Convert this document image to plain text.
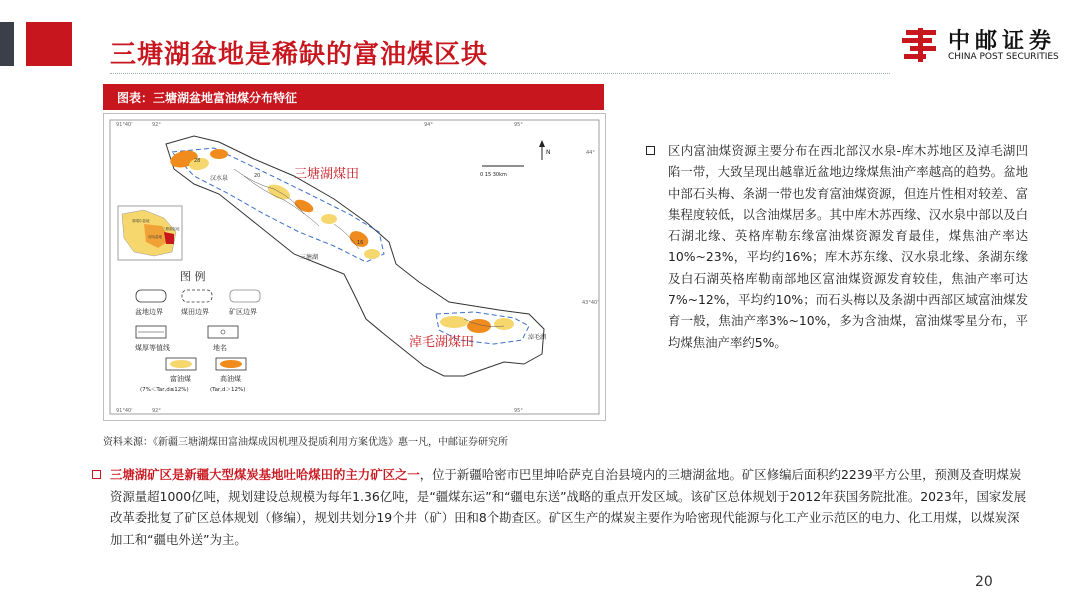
三塘湖盆地是稀缺的富油煤区块	中邮证券
CHINA POST SECURITIES
图表：三塘湖盆地富油煤分布特征
91°40'	92°	94°	95°
91°40'	92°	95°
44°
43°40'
20
28
16
三塘湖煤田
淖毛湖煤田
汉水泉
三塘湖
淖毛湖
N
0 15 30km
准噶尔盆地
吐哈盆地
三塘湖盆地
图 例
盆地边界	煤田边界	矿区边界
煤厚等值线	地名
富油煤	高油煤
(7%＜Tar,d≤12%)	(Tar,d＞12%)
资料来源：《新疆三塘湖煤田富油煤成因机理及提质利用方案优选》惠一凡，中邮证券研究所
区内富油煤资源主要分布在西北部汉水泉-库木苏地区及淖毛湖凹陷一带，大致呈现出越靠近盆地边缘煤焦油产率越高的趋势。盆地中部石头梅、条湖一带也发育富油煤资源，但连片性相对较差、富集程度较低，以含油煤居多。其中库木苏西缘、汉水泉中部以及白石湖北缘、英格库勒东缘富油煤资源发育最佳，煤焦油产率达10%~23%，平均约16%；库木苏东缘、汉水泉北缘、条湖东缘及白石湖英格库勒南部地区富油煤资源发育较佳，焦油产率可达7%~12%，平均约10%；而石头梅以及条湖中西部区域富油煤发育一般，焦油产率3%~10%，多为含油煤，富油煤零星分布，平均煤焦油产率约5%。
三塘湖矿区是新疆大型煤炭基地吐哈煤田的主力矿区之一，位于新疆哈密市巴里坤哈萨克自治县境内的三塘湖盆地。矿区修编后面积约2239平方公里，预测及查明煤炭资源量超1000亿吨，规划建设总规模为每年1.36亿吨，是“疆煤东运”和“疆电东送”战略的重点开发区域。该矿区总体规划于2012年获国务院批准。2023年，国家发展改革委批复了矿区总体规划（修编），规划共划分19个井（矿）田和8个勘查区。矿区生产的煤炭主要作为哈密现代能源与化工产业示范区的电力、化工用煤，以煤炭深加工和“疆电外送”为主。
20
